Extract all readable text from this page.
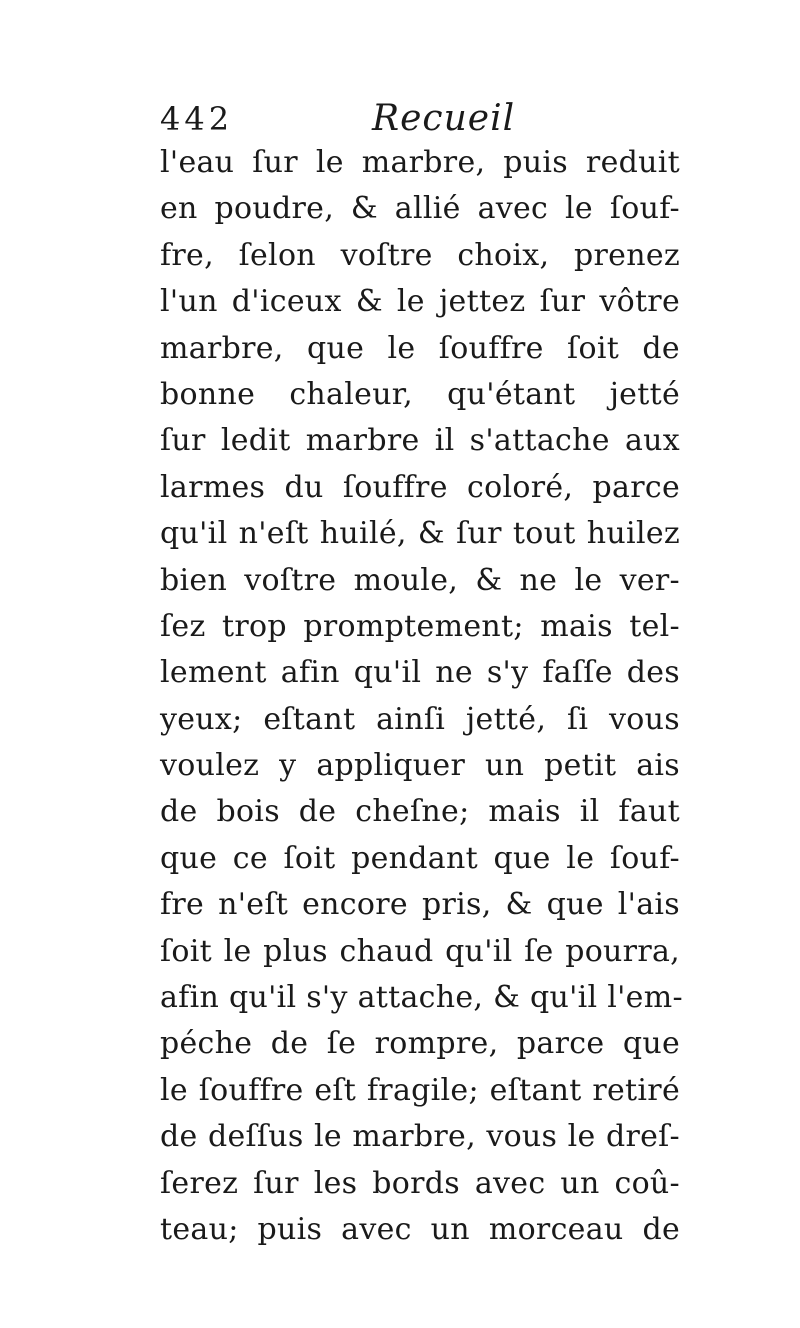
442	Recueil
l'eau ſur le marbre, puis reduit
en poudre, & allié avec le ſouf-
fre, ſelon voſtre choix, prenez
l'un d'iceux & le jettez ſur vôtre
marbre, que le ſouffre ſoit de
bonne chaleur, qu'étant jetté
ſur ledit marbre il s'attache aux
larmes du ſouffre coloré, parce
qu'il n'eſt huilé, & ſur tout huilez
bien voſtre moule, & ne le ver-
ſez trop promptement; mais tel-
lement afin qu'il ne s'y faſſe des
yeux; eſtant ainſi jetté, ſi vous
voulez y appliquer un petit ais
de bois de cheſne; mais il faut
que ce ſoit pendant que le ſouf-
fre n'eſt encore pris, & que l'ais
ſoit le plus chaud qu'il ſe pourra,
afin qu'il s'y attache, & qu'il l'em-
péche de ſe rompre, parce que
le ſouffre eſt fragile; eſtant retiré
de deſſus le marbre, vous le dreſ-
ſerez ſur les bords avec un coû-
teau; puis avec un morceau de
